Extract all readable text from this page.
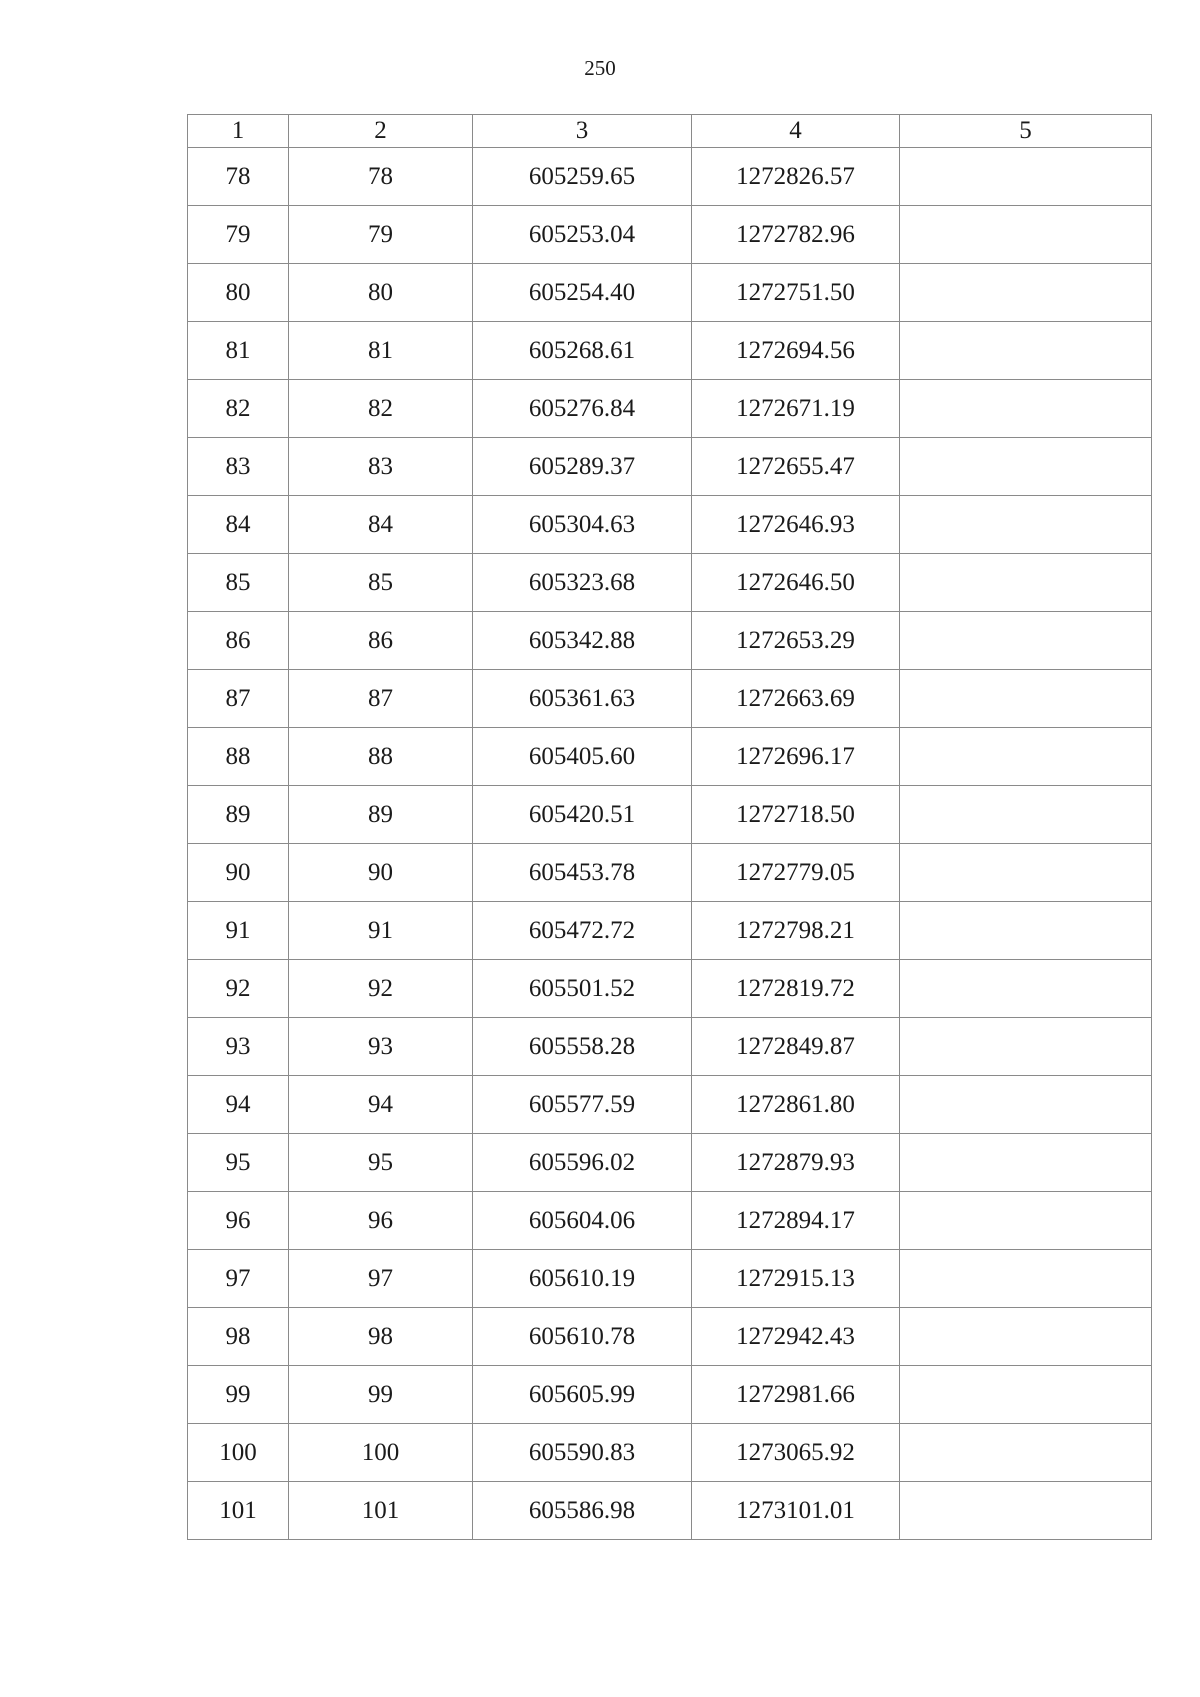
250
1	2	3	4	5
78	78	605259.65	1272826.57	
79	79	605253.04	1272782.96	
80	80	605254.40	1272751.50	
81	81	605268.61	1272694.56	
82	82	605276.84	1272671.19	
83	83	605289.37	1272655.47	
84	84	605304.63	1272646.93	
85	85	605323.68	1272646.50	
86	86	605342.88	1272653.29	
87	87	605361.63	1272663.69	
88	88	605405.60	1272696.17	
89	89	605420.51	1272718.50	
90	90	605453.78	1272779.05	
91	91	605472.72	1272798.21	
92	92	605501.52	1272819.72	
93	93	605558.28	1272849.87	
94	94	605577.59	1272861.80	
95	95	605596.02	1272879.93	
96	96	605604.06	1272894.17	
97	97	605610.19	1272915.13	
98	98	605610.78	1272942.43	
99	99	605605.99	1272981.66	
100	100	605590.83	1273065.92	
101	101	605586.98	1273101.01	
